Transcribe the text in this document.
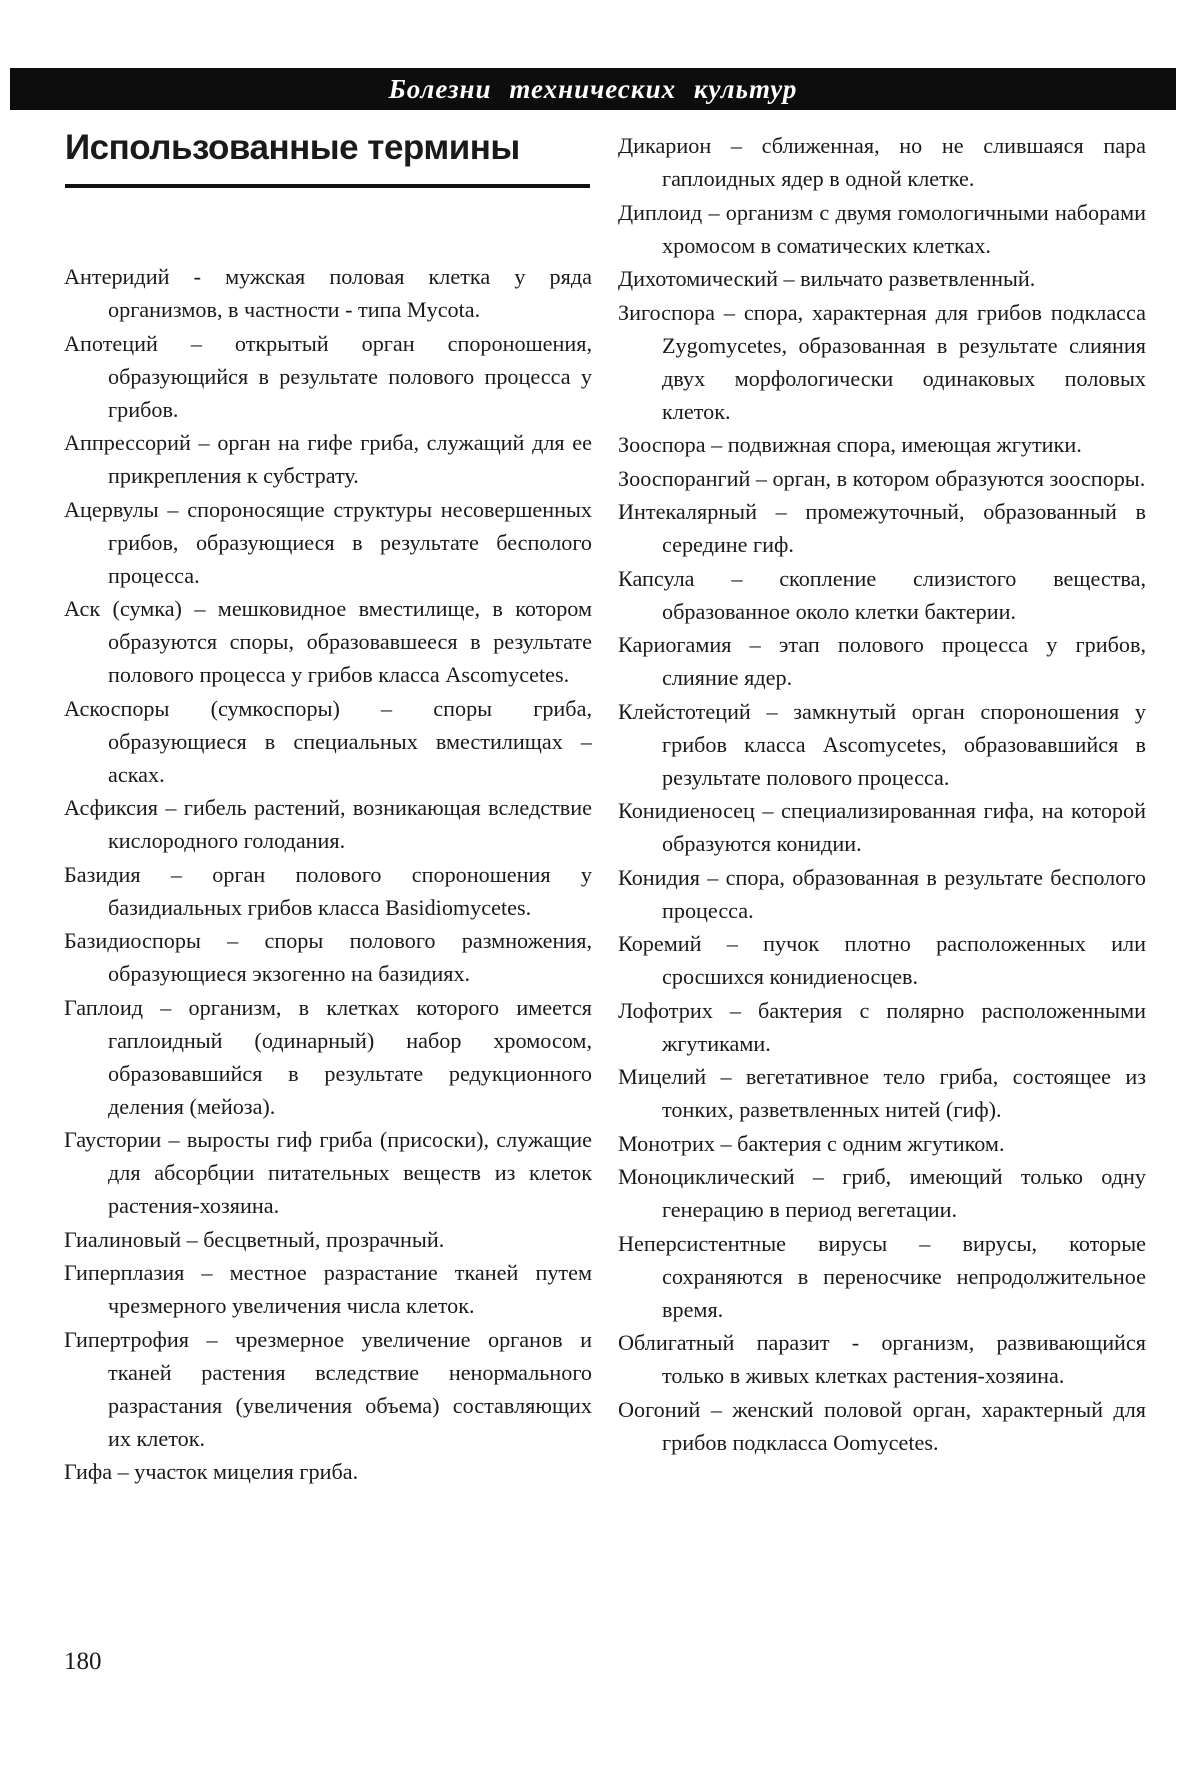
Болезни технических культур
Использованные термины

Антеридий - мужская половая клетка у ряда организмов, в частности - типа Mycota.

Апотеций – открытый орган спороношения, образующийся в результате полового процесса у грибов.

Аппрессорий – орган на гифе гриба, служащий для ее прикрепления к субстрату.

Ацервулы – спороносящие структуры несовершенных грибов, образующиеся в результате бесполого процесса.

Аск (сумка) – мешковидное вместилище, в котором образуются споры, образовавшееся в результате полового процесса у грибов класса Ascomycetes.

Аскоспоры (сумкоспоры) – споры гриба, образующиеся в специальных вместилищах – асках.

Асфиксия – гибель растений, возникающая вследствие кислородного голодания.

Базидия – орган полового спороношения у базидиальных грибов класса Basidiomycetes.

Базидиоспоры – споры полового размножения, образующиеся экзогенно на базидиях.

Гаплоид – организм, в клетках которого имеется гаплоидный (одинарный) набор хромосом, образовавшийся в результате редукционного деления (мейоза).

Гаустории – выросты гиф гриба (присоски), служащие для абсорбции питательных веществ из клеток растения-хозяина.

Гиалиновый – бесцветный, прозрачный.

Гиперплазия – местное разрастание тканей путем чрезмерного увеличения числа клеток.

Гипертрофия – чрезмерное увеличение органов и тканей растения вследствие ненормального разрастания (увеличения объема) составляющих их клеток.

Гифа – участок мицелия гриба.

Дикарион – сближенная, но не слившаяся пара гаплоидных ядер в одной клетке.

Диплоид – организм с двумя гомологичными наборами хромосом в соматических клетках.

Дихотомический – вильчато разветвленный.

Зигоспора – спора, характерная для грибов подкласса Zygomycetes, образованная в результате слияния двух морфологически одинаковых половых клеток.

Зооспора – подвижная спора, имеющая жгутики.

Зооспорангий – орган, в котором образуются зооспоры.

Интекалярный – промежуточный, образованный в середине гиф.

Капсула – скопление слизистого вещества, образованное около клетки бактерии.

Кариогамия – этап полового процесса у грибов, слияние ядер.

Клейстотеций – замкнутый орган спороношения у грибов класса Ascomycetes, образовавшийся в результате полового процесса.

Конидиеносец – специализированная гифа, на которой образуются конидии.

Конидия – спора, образованная в результате бесполого процесса.

Коремий – пучок плотно расположенных или сросшихся конидиеносцев.

Лофотрих – бактерия с полярно расположенными жгутиками.

Мицелий – вегетативное тело гриба, состоящее из тонких, разветвленных нитей (гиф).

Монотрих – бактерия с одним жгутиком.

Моноциклический – гриб, имеющий только одну генерацию в период вегетации.

Неперсистентные вирусы – вирусы, которые сохраняются в переносчике непродолжительное время.

Облигатный паразит - организм, развивающийся только в живых клетках растения-хозяина.

Оогоний – женский половой орган, характерный для грибов подкласса Oomycetes.

180
